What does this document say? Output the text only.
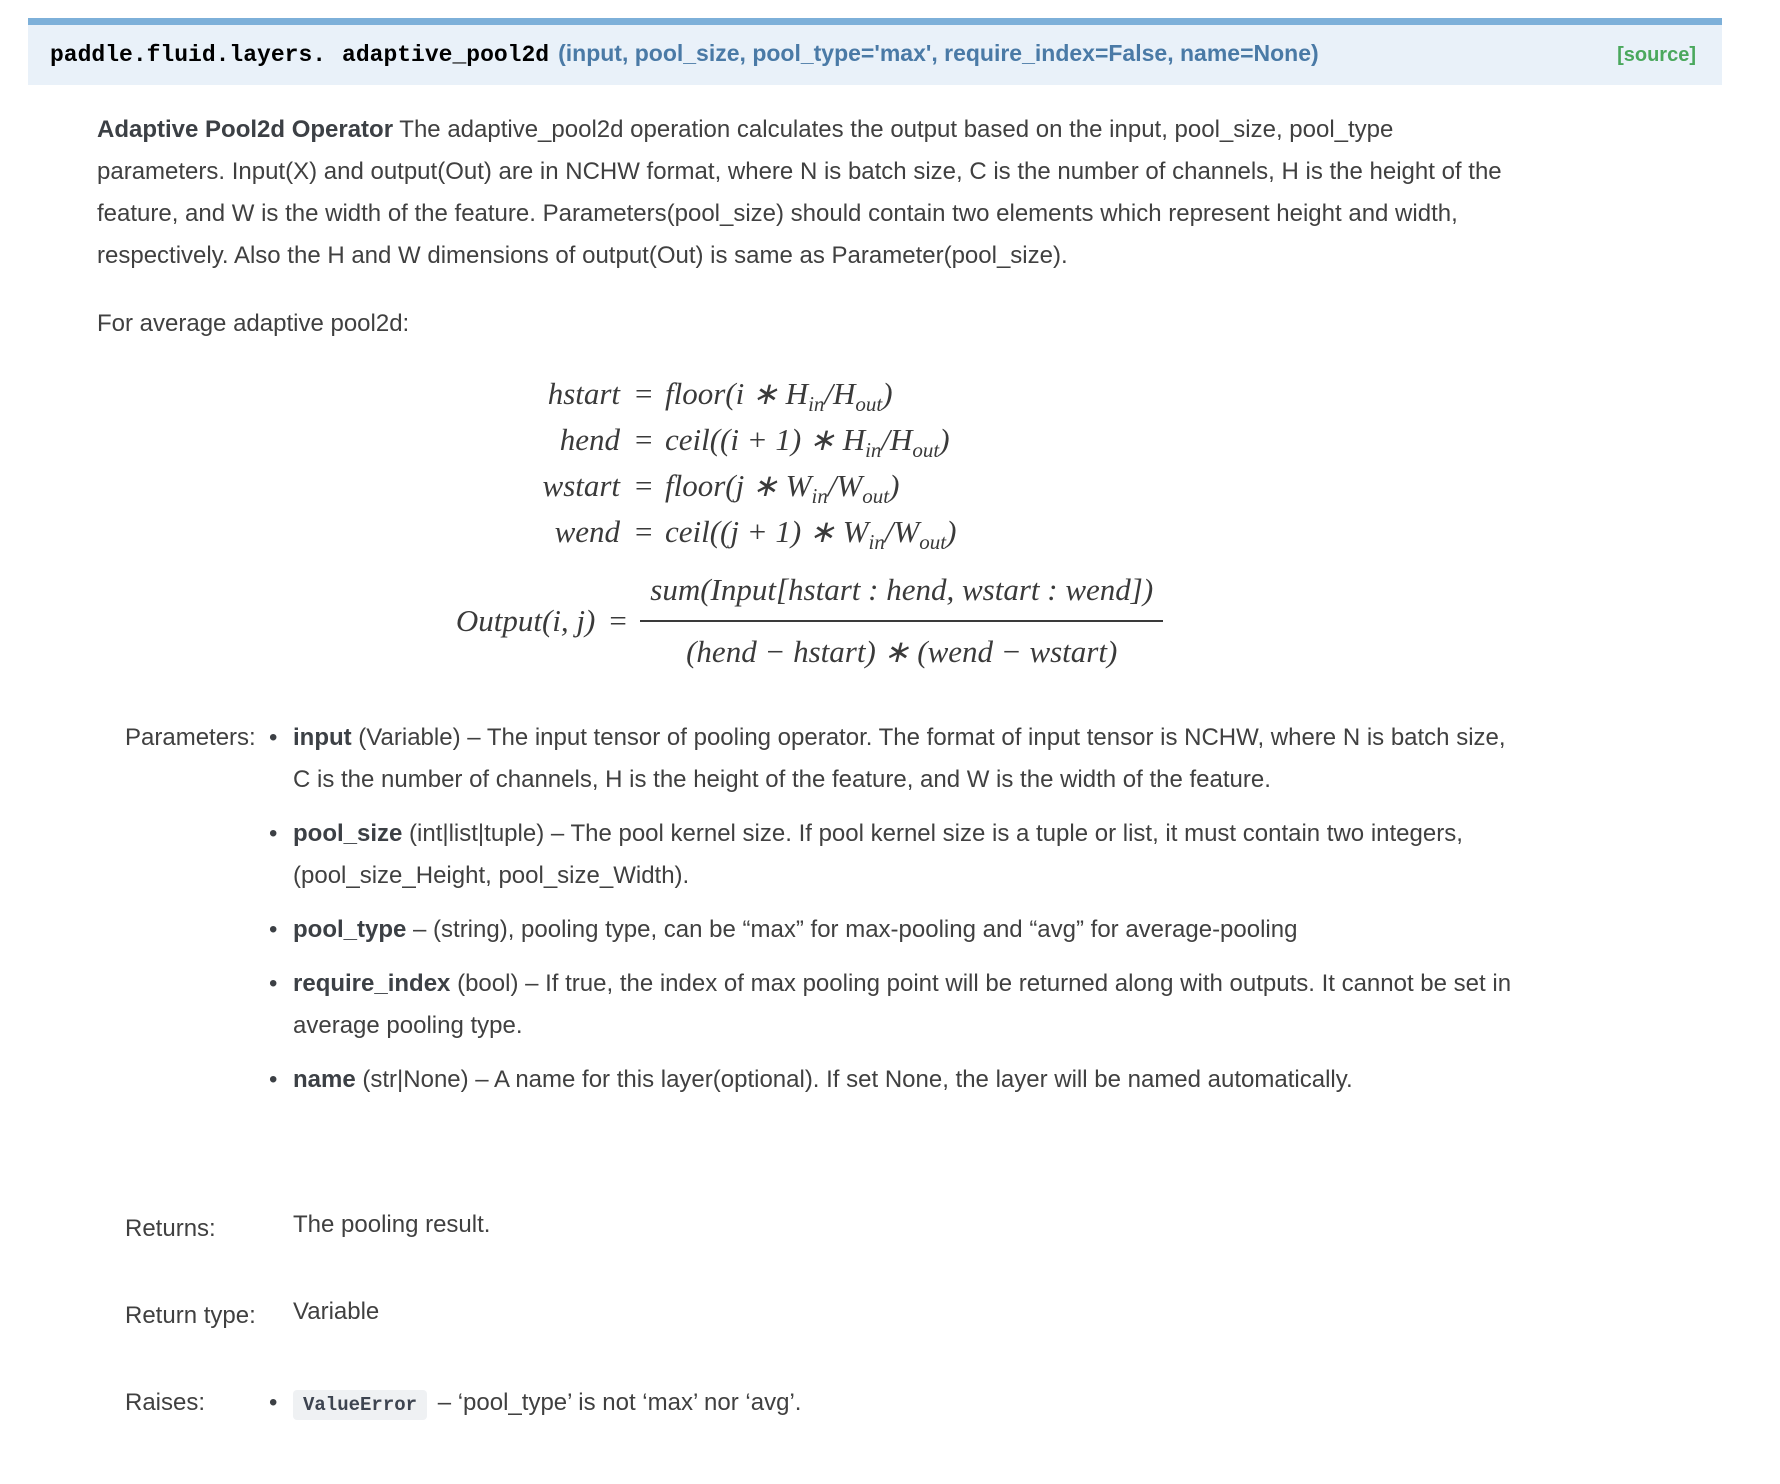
paddle.fluid.layers. adaptive_pool2d (input, pool_size, pool_type='max', require_index=False, name=None)	[source]

Adaptive Pool2d Operator The adaptive_pool2d operation calculates the output based on the input, pool_size, pool_type parameters. Input(X) and output(Out) are in NCHW format, where N is batch size, C is the number of channels, H is the height of the feature, and W is the width of the feature. Parameters(pool_size) should contain two elements which represent height and width, respectively. Also the H and W dimensions of output(Out) is same as Parameter(pool_size).

For average adaptive pool2d:

hstart	= floor(i ∗ $H_{in}/H_{out}$)
hend	= ceil((i + 1) ∗ $H_{in}/H_{out}$)
wstart	= floor(j ∗ $W_{in}/W_{out}$)
wend	= ceil((j + 1) ∗ $W_{in}/W_{out}$)
Output(i, $j) = \frac{\text{sum(Input[hstart : hend, wstart : wend])}}{\text{(hend − hstart) ∗ (wend − wstart)}}$
Parameters:	• input (Variable) – The input tensor of pooling operator. The format of input tensor is NCHW, where N is batch size, C is the number of channels, H is the height of the feature, and W is the width of the feature.
• pool_size (int|list|tuple) – The pool kernel size. If pool kernel size is a tuple or list, it must contain two integers, (pool_size_Height, pool_size_Width).
• pool_type – (string), pooling type, can be “max” for max-pooling and “avg” for average-pooling
• require_index (bool) – If true, the index of max pooling point will be returned along with outputs. It cannot be set in average pooling type.
• name (str|None) – A name for this layer(optional). If set None, the layer will be named automatically.
Returns:	The pooling result.
Return type:	Variable
Raises:	• ValueError – ‘pool_type’ is not ‘max’ nor ‘avg’.
